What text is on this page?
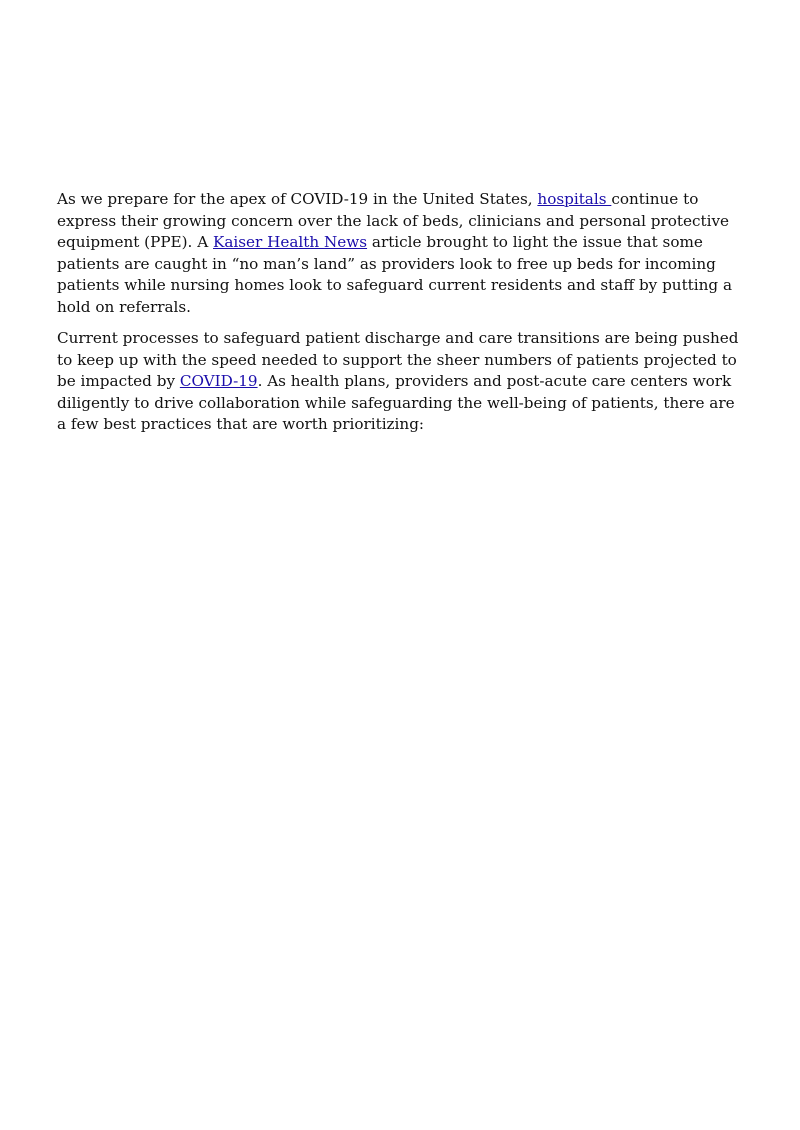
As we prepare for the apex of COVID-19 in the United States, hospitals continue to express their growing concern over the lack of beds, clinicians and personal protective equipment (PPE). A Kaiser Health News article brought to light the issue that some patients are caught in “no man’s land” as providers look to free up beds for incoming patients while nursing homes look to safeguard current residents and staff by putting a hold on referrals.

Current processes to safeguard patient discharge and care transitions are being pushed to keep up with the speed needed to support the sheer numbers of patients projected to be impacted by COVID-19. As health plans, providers and post-acute care centers work diligently to drive collaboration while safeguarding the well-being of patients, there are a few best practices that are worth prioritizing:
